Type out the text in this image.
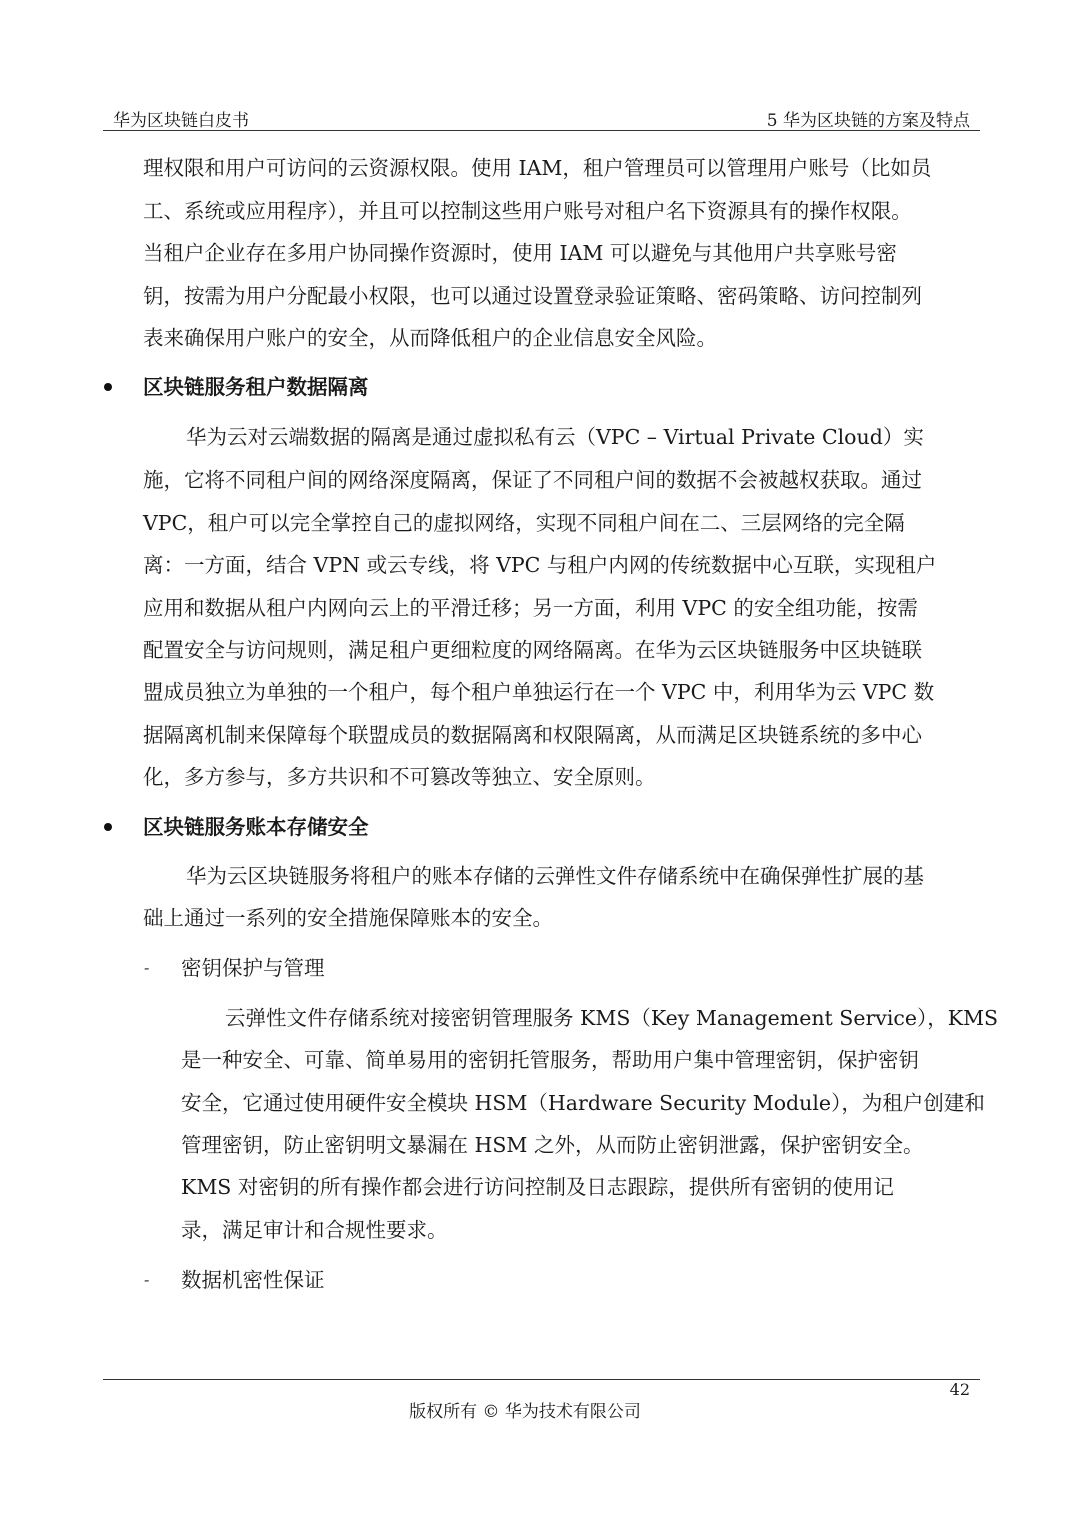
华为区块链白皮书	5 华为区块链的方案及特点
理权限和用户可访问的云资源权限。使用 IAM，租户管理员可以管理用户账号（比如员
工、系统或应用程序），并且可以控制这些用户账号对租户名下资源具有的操作权限。
当租户企业存在多用户协同操作资源时，使用 IAM 可以避免与其他用户共享账号密
钥，按需为用户分配最小权限，也可以通过设置登录验证策略、密码策略、访问控制列
表来确保用户账户的安全，从而降低租户的企业信息安全风险。
区块链服务租户数据隔离
华为云对云端数据的隔离是通过虚拟私有云（VPC – Virtual Private Cloud）实
施，它将不同租户间的网络深度隔离，保证了不同租户间的数据不会被越权获取。通过
VPC，租户可以完全掌控自己的虚拟网络，实现不同租户间在二、三层网络的完全隔
离：一方面，结合 VPN 或云专线，将 VPC 与租户内网的传统数据中心互联，实现租户
应用和数据从租户内网向云上的平滑迁移；另一方面，利用 VPC 的安全组功能，按需
配置安全与访问规则，满足租户更细粒度的网络隔离。在华为云区块链服务中区块链联
盟成员独立为单独的一个租户，每个租户单独运行在一个 VPC 中，利用华为云 VPC 数
据隔离机制来保障每个联盟成员的数据隔离和权限隔离，从而满足区块链系统的多中心
化，多方参与，多方共识和不可篡改等独立、安全原则。
区块链服务账本存储安全
华为云区块链服务将租户的账本存储的云弹性文件存储系统中在确保弹性扩展的基
础上通过一系列的安全措施保障账本的安全。
- 密钥保护与管理
云弹性文件存储系统对接密钥管理服务 KMS（Key Management Service），KMS
是一种安全、可靠、简单易用的密钥托管服务，帮助用户集中管理密钥，保护密钥
安全，它通过使用硬件安全模块 HSM（Hardware Security Module），为租户创建和
管理密钥，防止密钥明文暴漏在 HSM 之外，从而防止密钥泄露，保护密钥安全。
KMS 对密钥的所有操作都会进行访问控制及日志跟踪，提供所有密钥的使用记
录，满足审计和合规性要求。
- 数据机密性保证
42
版权所有 © 华为技术有限公司
